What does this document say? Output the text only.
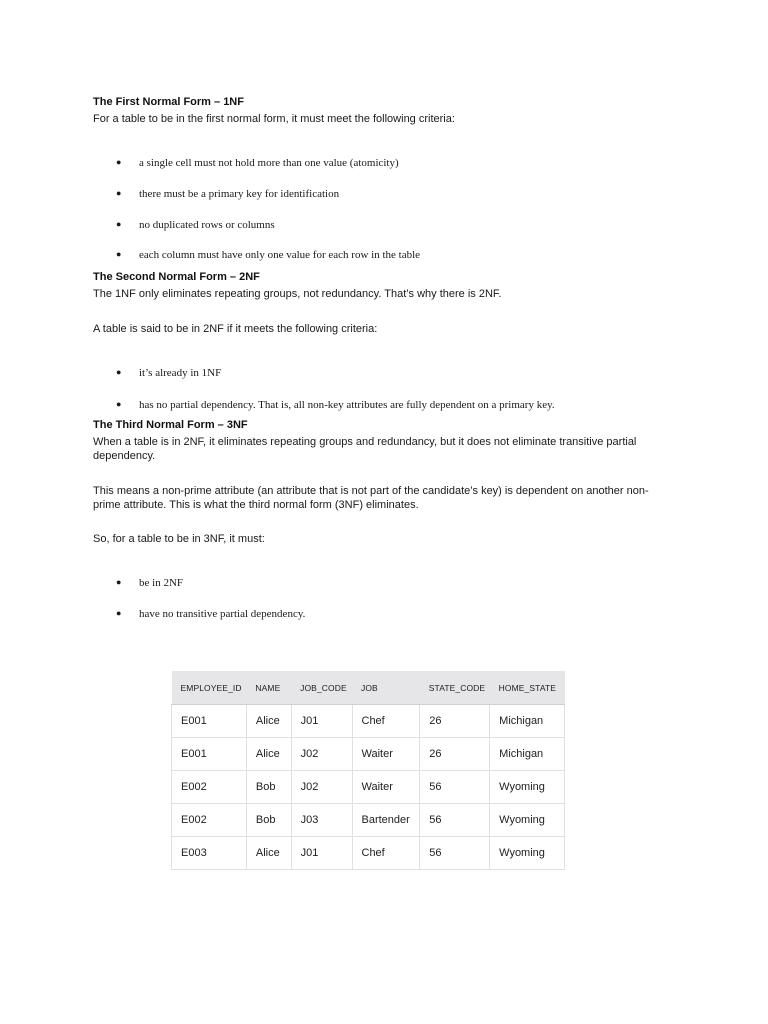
The First Normal Form – 1NF
For a table to be in the first normal form, it must meet the following criteria:
● a single cell must not hold more than one value (atomicity)
● there must be a primary key for identification
● no duplicated rows or columns
● each column must have only one value for each row in the table
The Second Normal Form – 2NF
The 1NF only eliminates repeating groups, not redundancy. That’s why there is 2NF.
A table is said to be in 2NF if it meets the following criteria:
● it’s already in 1NF
● has no partial dependency. That is, all non-key attributes are fully dependent on a primary key.
The Third Normal Form – 3NF
When a table is in 2NF, it eliminates repeating groups and redundancy, but it does not eliminate transitive partial dependency.
This means a non-prime attribute (an attribute that is not part of the candidate’s key) is dependent on another non-prime attribute. This is what the third normal form (3NF) eliminates.
So, for a table to be in 3NF, it must:
● be in 2NF
● have no transitive partial dependency.
EMPLOYEE_ID	NAME	JOB_CODE	JOB	STATE_CODE	HOME_STATE
E001	Alice	J01	Chef	26	Michigan
E001	Alice	J02	Waiter	26	Michigan
E002	Bob	J02	Waiter	56	Wyoming
E002	Bob	J03	Bartender	56	Wyoming
E003	Alice	J01	Chef	56	Wyoming
